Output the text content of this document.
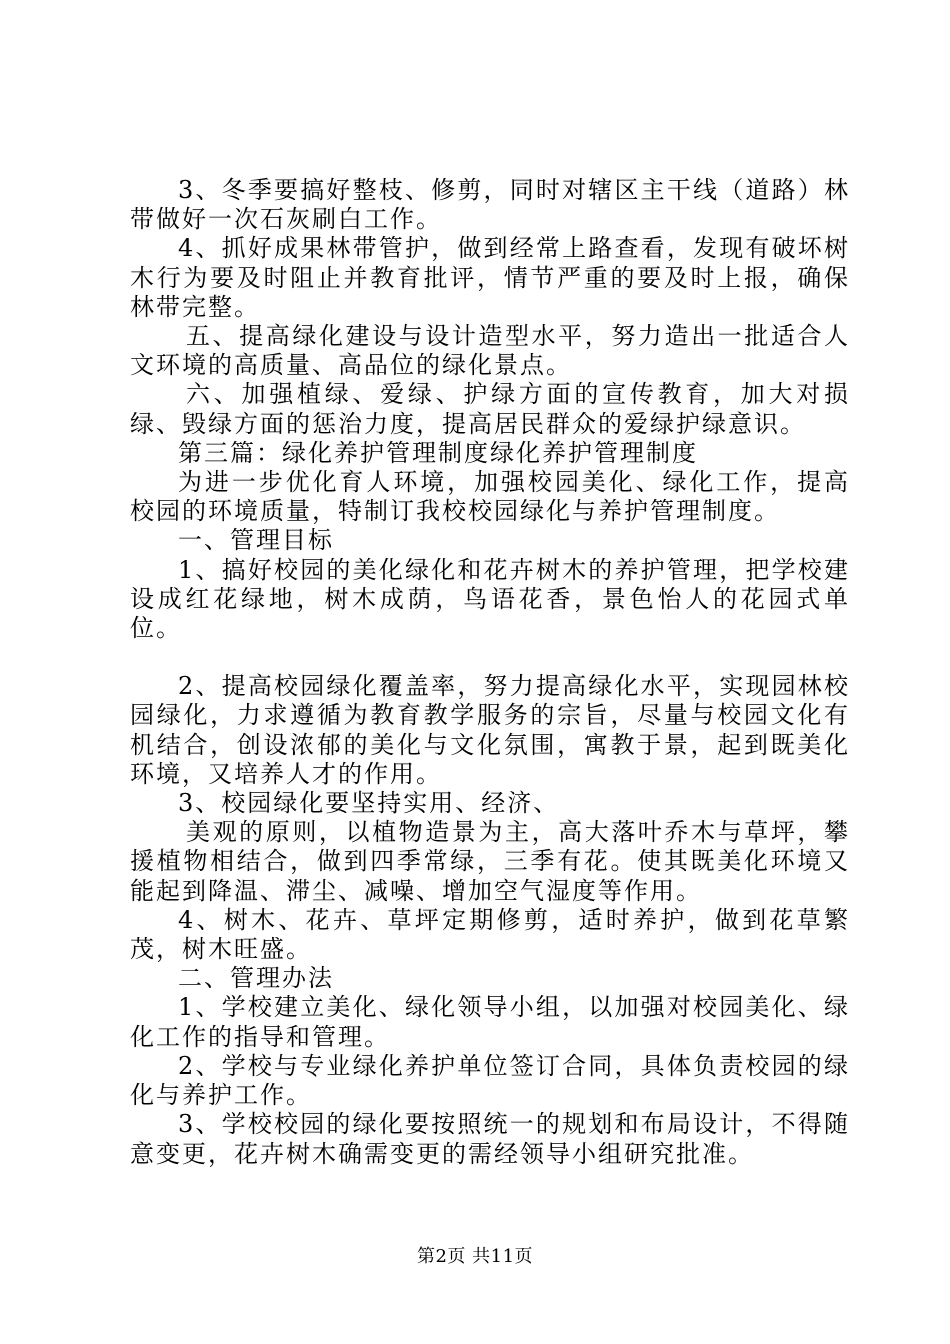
3、冬季要搞好整枝、修剪，同时对辖区主干线（道路）林带做好一次石灰刷白工作。

4、抓好成果林带管护，做到经常上路查看，发现有破坏树木行为要及时阻止并教育批评，情节严重的要及时上报，确保林带完整。

五、提高绿化建设与设计造型水平，努力造出一批适合人文环境的高质量、高品位的绿化景点。

六、加强植绿、爱绿、护绿方面的宣传教育，加大对损绿、毁绿方面的惩治力度，提高居民群众的爱绿护绿意识。

第三篇：绿化养护管理制度绿化养护管理制度

为进一步优化育人环境，加强校园美化、绿化工作，提高校园的环境质量，特制订我校校园绿化与养护管理制度。

一、管理目标

1、搞好校园的美化绿化和花卉树木的养护管理，把学校建设成红花绿地，树木成荫，鸟语花香，景色怡人的花园式单位。

2、提高校园绿化覆盖率，努力提高绿化水平，实现园林校园绿化，力求遵循为教育教学服务的宗旨，尽量与校园文化有机结合，创设浓郁的美化与文化氛围，寓教于景，起到既美化环境，又培养人才的作用。

3、校园绿化要坚持实用、经济、

美观的原则，以植物造景为主，高大落叶乔木与草坪，攀援植物相结合，做到四季常绿，三季有花。使其既美化环境又能起到降温、滞尘、减噪、增加空气湿度等作用。

4、树木、花卉、草坪定期修剪，适时养护，做到花草繁茂，树木旺盛。

二、管理办法

1、学校建立美化、绿化领导小组，以加强对校园美化、绿化工作的指导和管理。

2、学校与专业绿化养护单位签订合同，具体负责校园的绿化与养护工作。

3、学校校园的绿化要按照统一的规划和布局设计，不得随意变更，花卉树木确需变更的需经领导小组研究批准。

第2页 共11页
